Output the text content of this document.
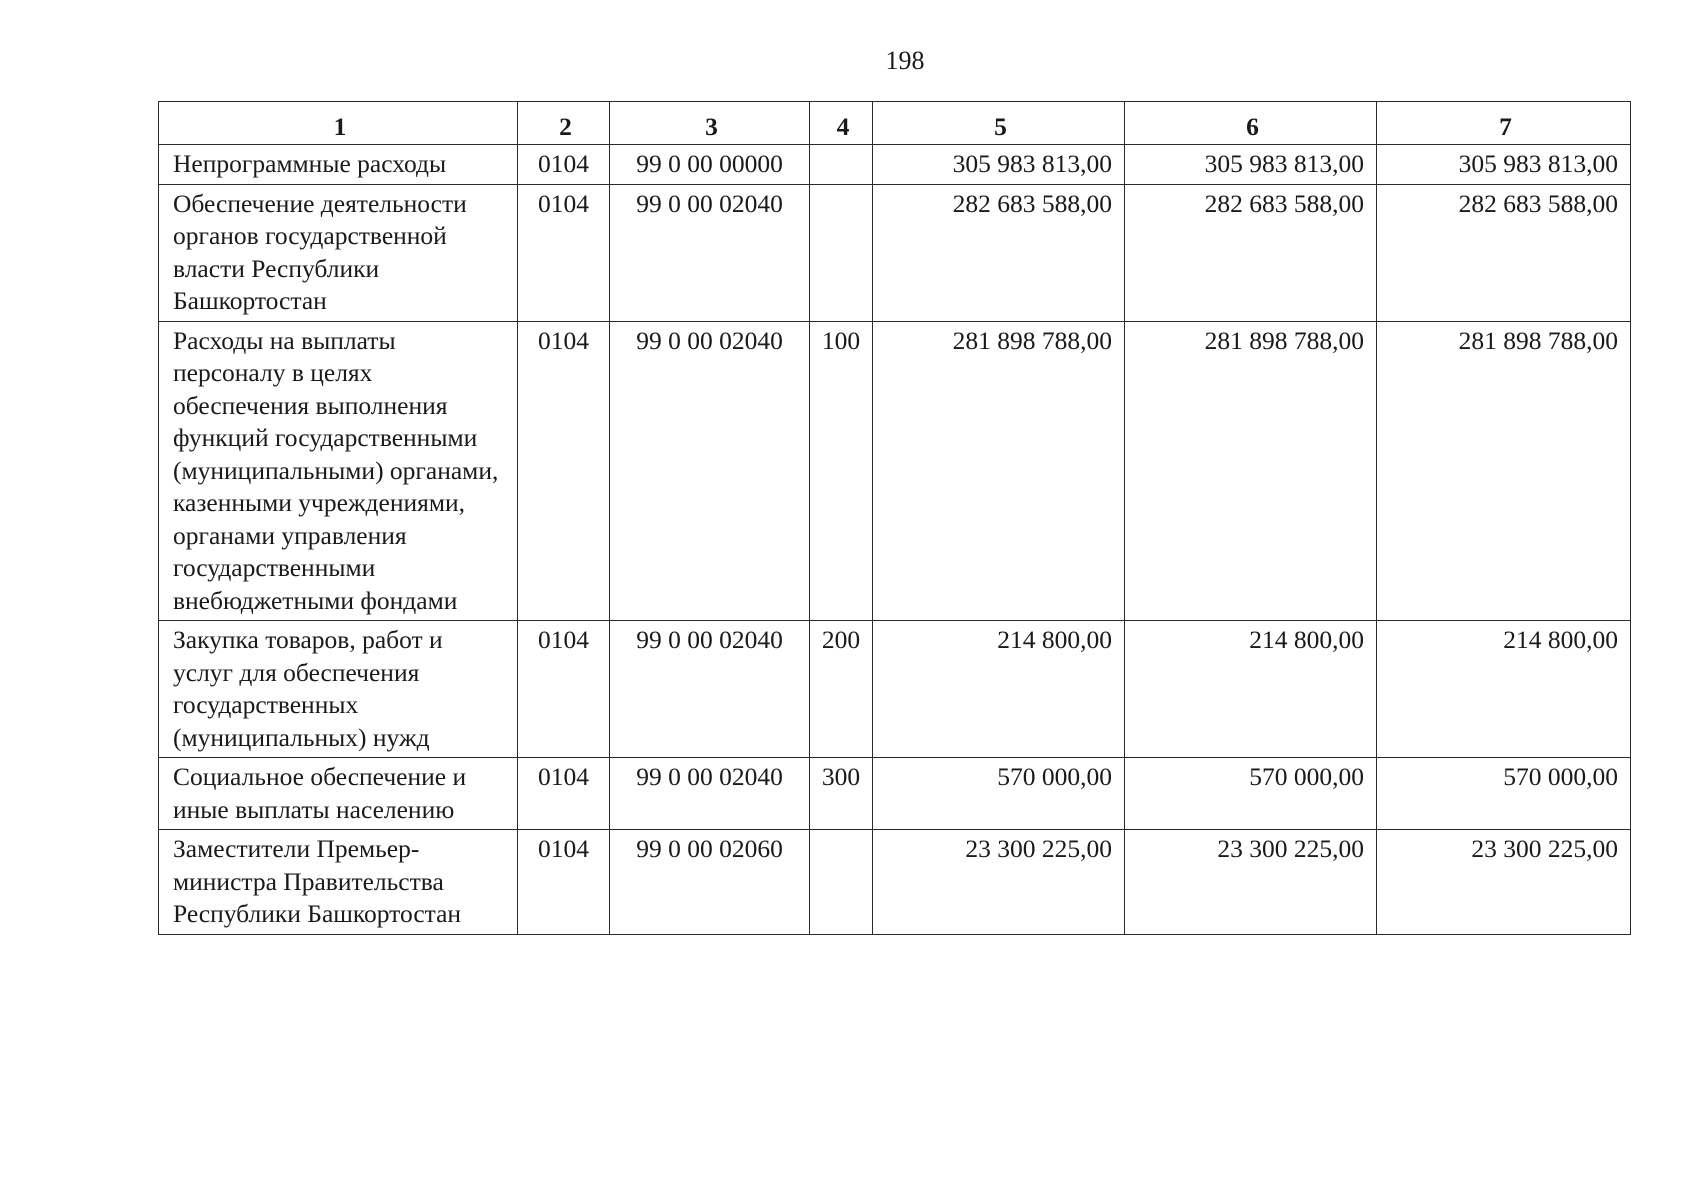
198
1	2	3	4	5	6	7
Непрограммные расходы	0104	99 0 00 00000		305 983 813,00	305 983 813,00	305 983 813,00
Обеспечение деятельности органов государственной власти Республики Башкортостан	0104	99 0 00 02040		282 683 588,00	282 683 588,00	282 683 588,00
Расходы на выплаты персоналу в целях обеспечения выполнения функций государственными (муниципальными) органами, казенными учреждениями, органами управления государственными внебюджетными фондами	0104	99 0 00 02040	100	281 898 788,00	281 898 788,00	281 898 788,00
Закупка товаров, работ и услуг для обеспечения государственных (муниципальных) нужд	0104	99 0 00 02040	200	214 800,00	214 800,00	214 800,00
Социальное обеспечение и иные выплаты населению	0104	99 0 00 02040	300	570 000,00	570 000,00	570 000,00
Заместители Премьер-министра Правительства Республики Башкортостан	0104	99 0 00 02060		23 300 225,00	23 300 225,00	23 300 225,00
